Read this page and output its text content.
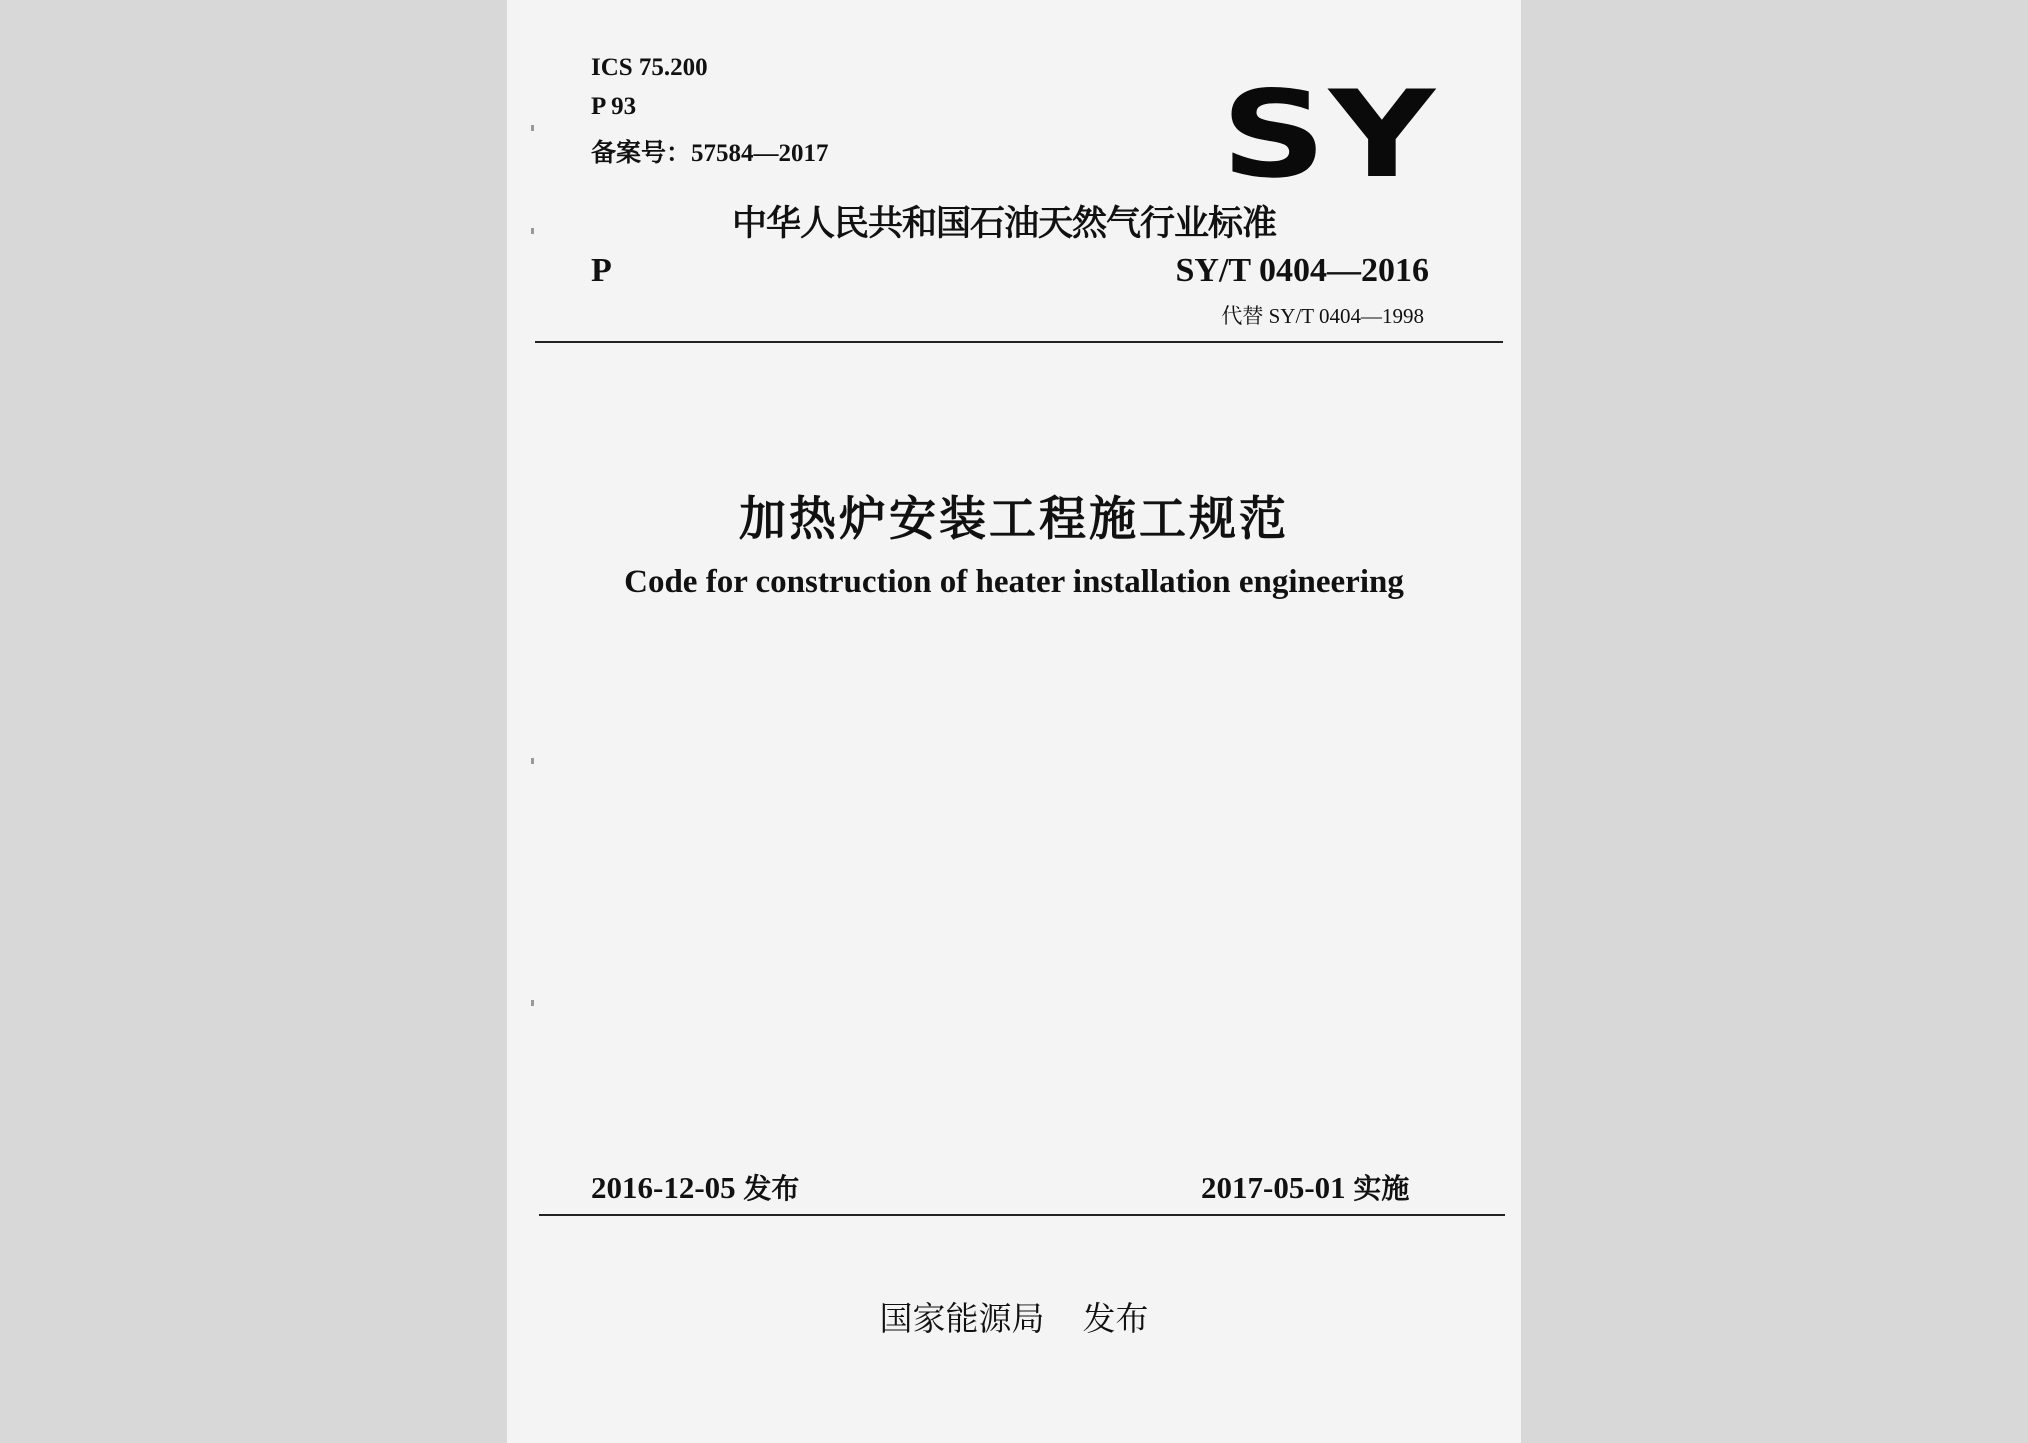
ICS 75.200
P 93
备案号：57584—2017	SY
中华人民共和国石油天然气行业标准
P	SY/T 0404—2016
代替 SY/T 0404—1998
加热炉安装工程施工规范
Code for construction of heater installation engineering
2016-12-05 发布	2017-05-01 实施
国家能源局 发布
